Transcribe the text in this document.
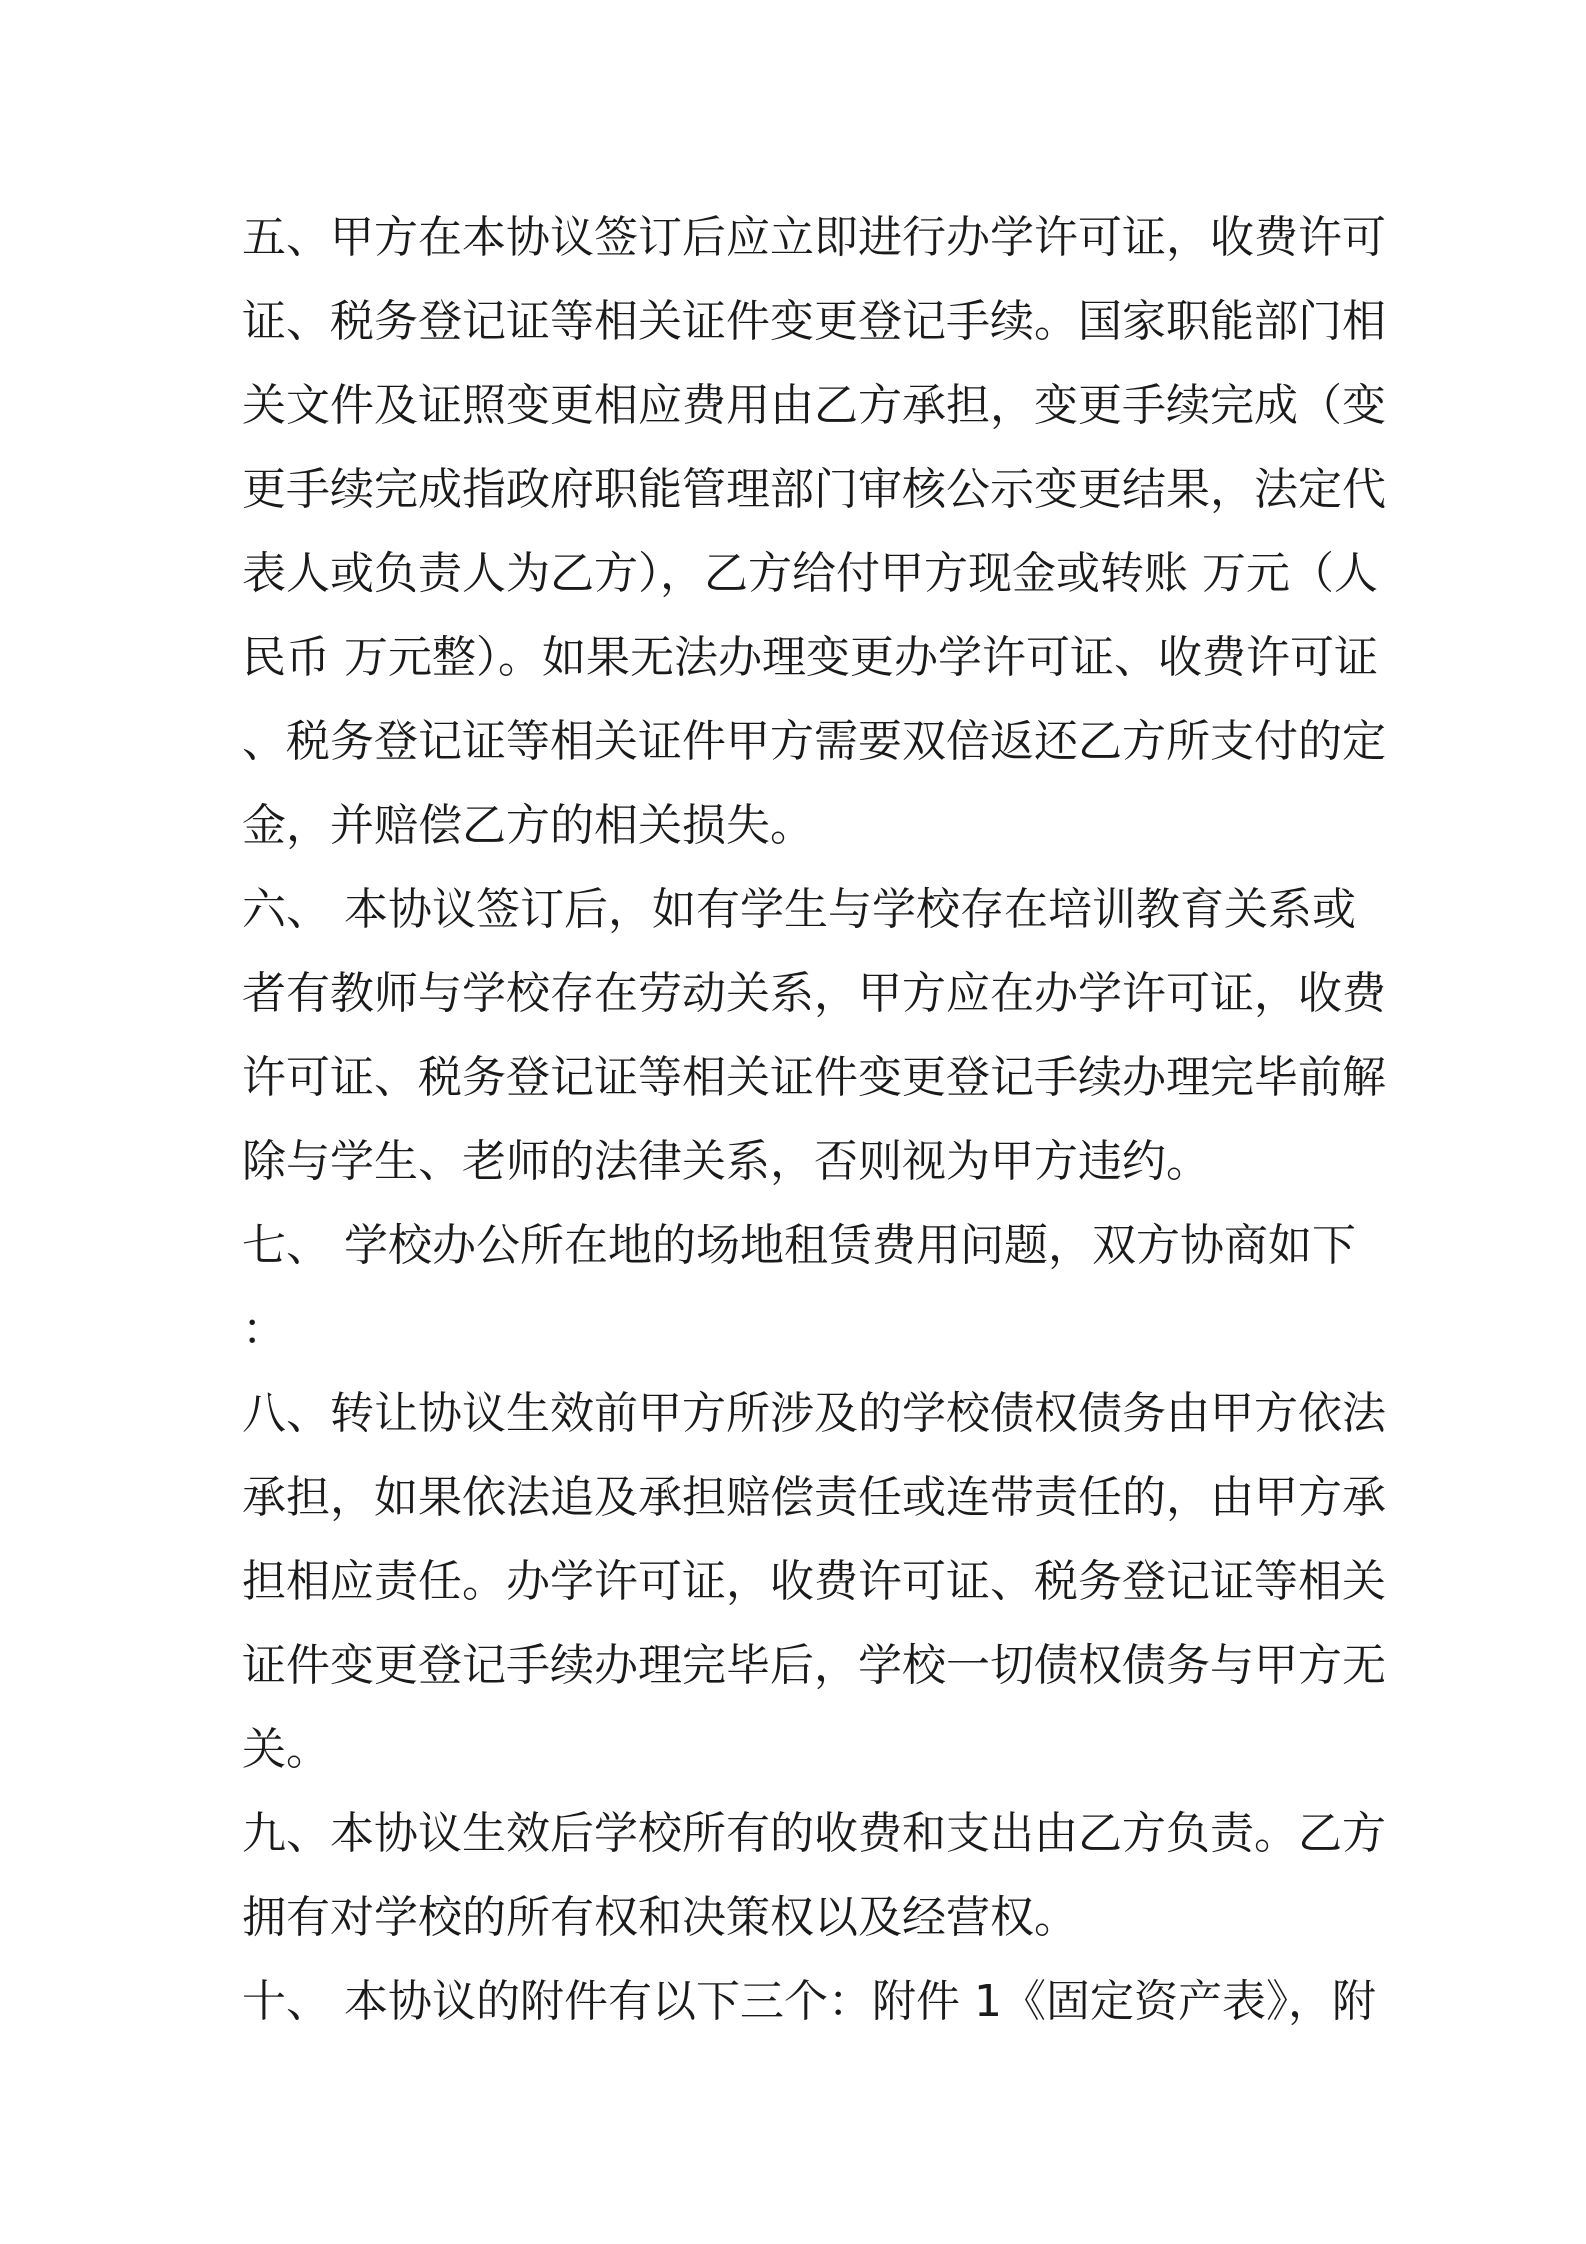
五、甲方在本协议签订后应立即进行办学许可证，收费许可
证、税务登记证等相关证件变更登记手续。国家职能部门相
关文件及证照变更相应费用由乙方承担，变更手续完成（变
更手续完成指政府职能管理部门审核公示变更结果，法定代
表人或负责人为乙方），乙方给付甲方现金或转账 万元（人
民币 万元整）。如果无法办理变更办学许可证、收费许可证
、税务登记证等相关证件甲方需要双倍返还乙方所支付的定
金，并赔偿乙方的相关损失。
六、 本协议签订后，如有学生与学校存在培训教育关系或
者有教师与学校存在劳动关系，甲方应在办学许可证，收费
许可证、税务登记证等相关证件变更登记手续办理完毕前解
除与学生、老师的法律关系，否则视为甲方违约。
七、 学校办公所在地的场地租赁费用问题，双方协商如下
：
八、转让协议生效前甲方所涉及的学校债权债务由甲方依法
承担，如果依法追及承担赔偿责任或连带责任的，由甲方承
担相应责任。办学许可证，收费许可证、税务登记证等相关
证件变更登记手续办理完毕后，学校一切债权债务与甲方无
关。
九、本协议生效后学校所有的收费和支出由乙方负责。乙方
拥有对学校的所有权和决策权以及经营权。
十、 本协议的附件有以下三个：附件 1《固定资产表》，附
